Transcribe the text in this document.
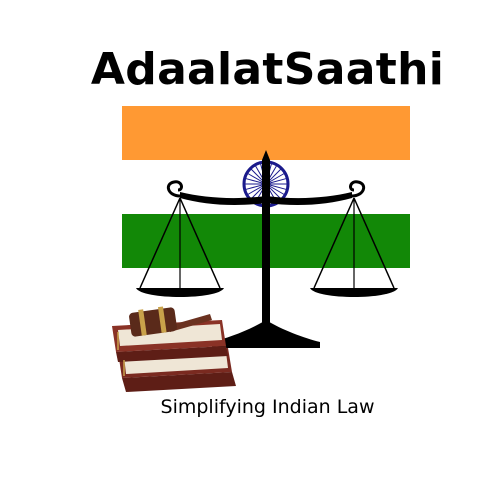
AdaalatSaathi
Simplifying Indian Law
